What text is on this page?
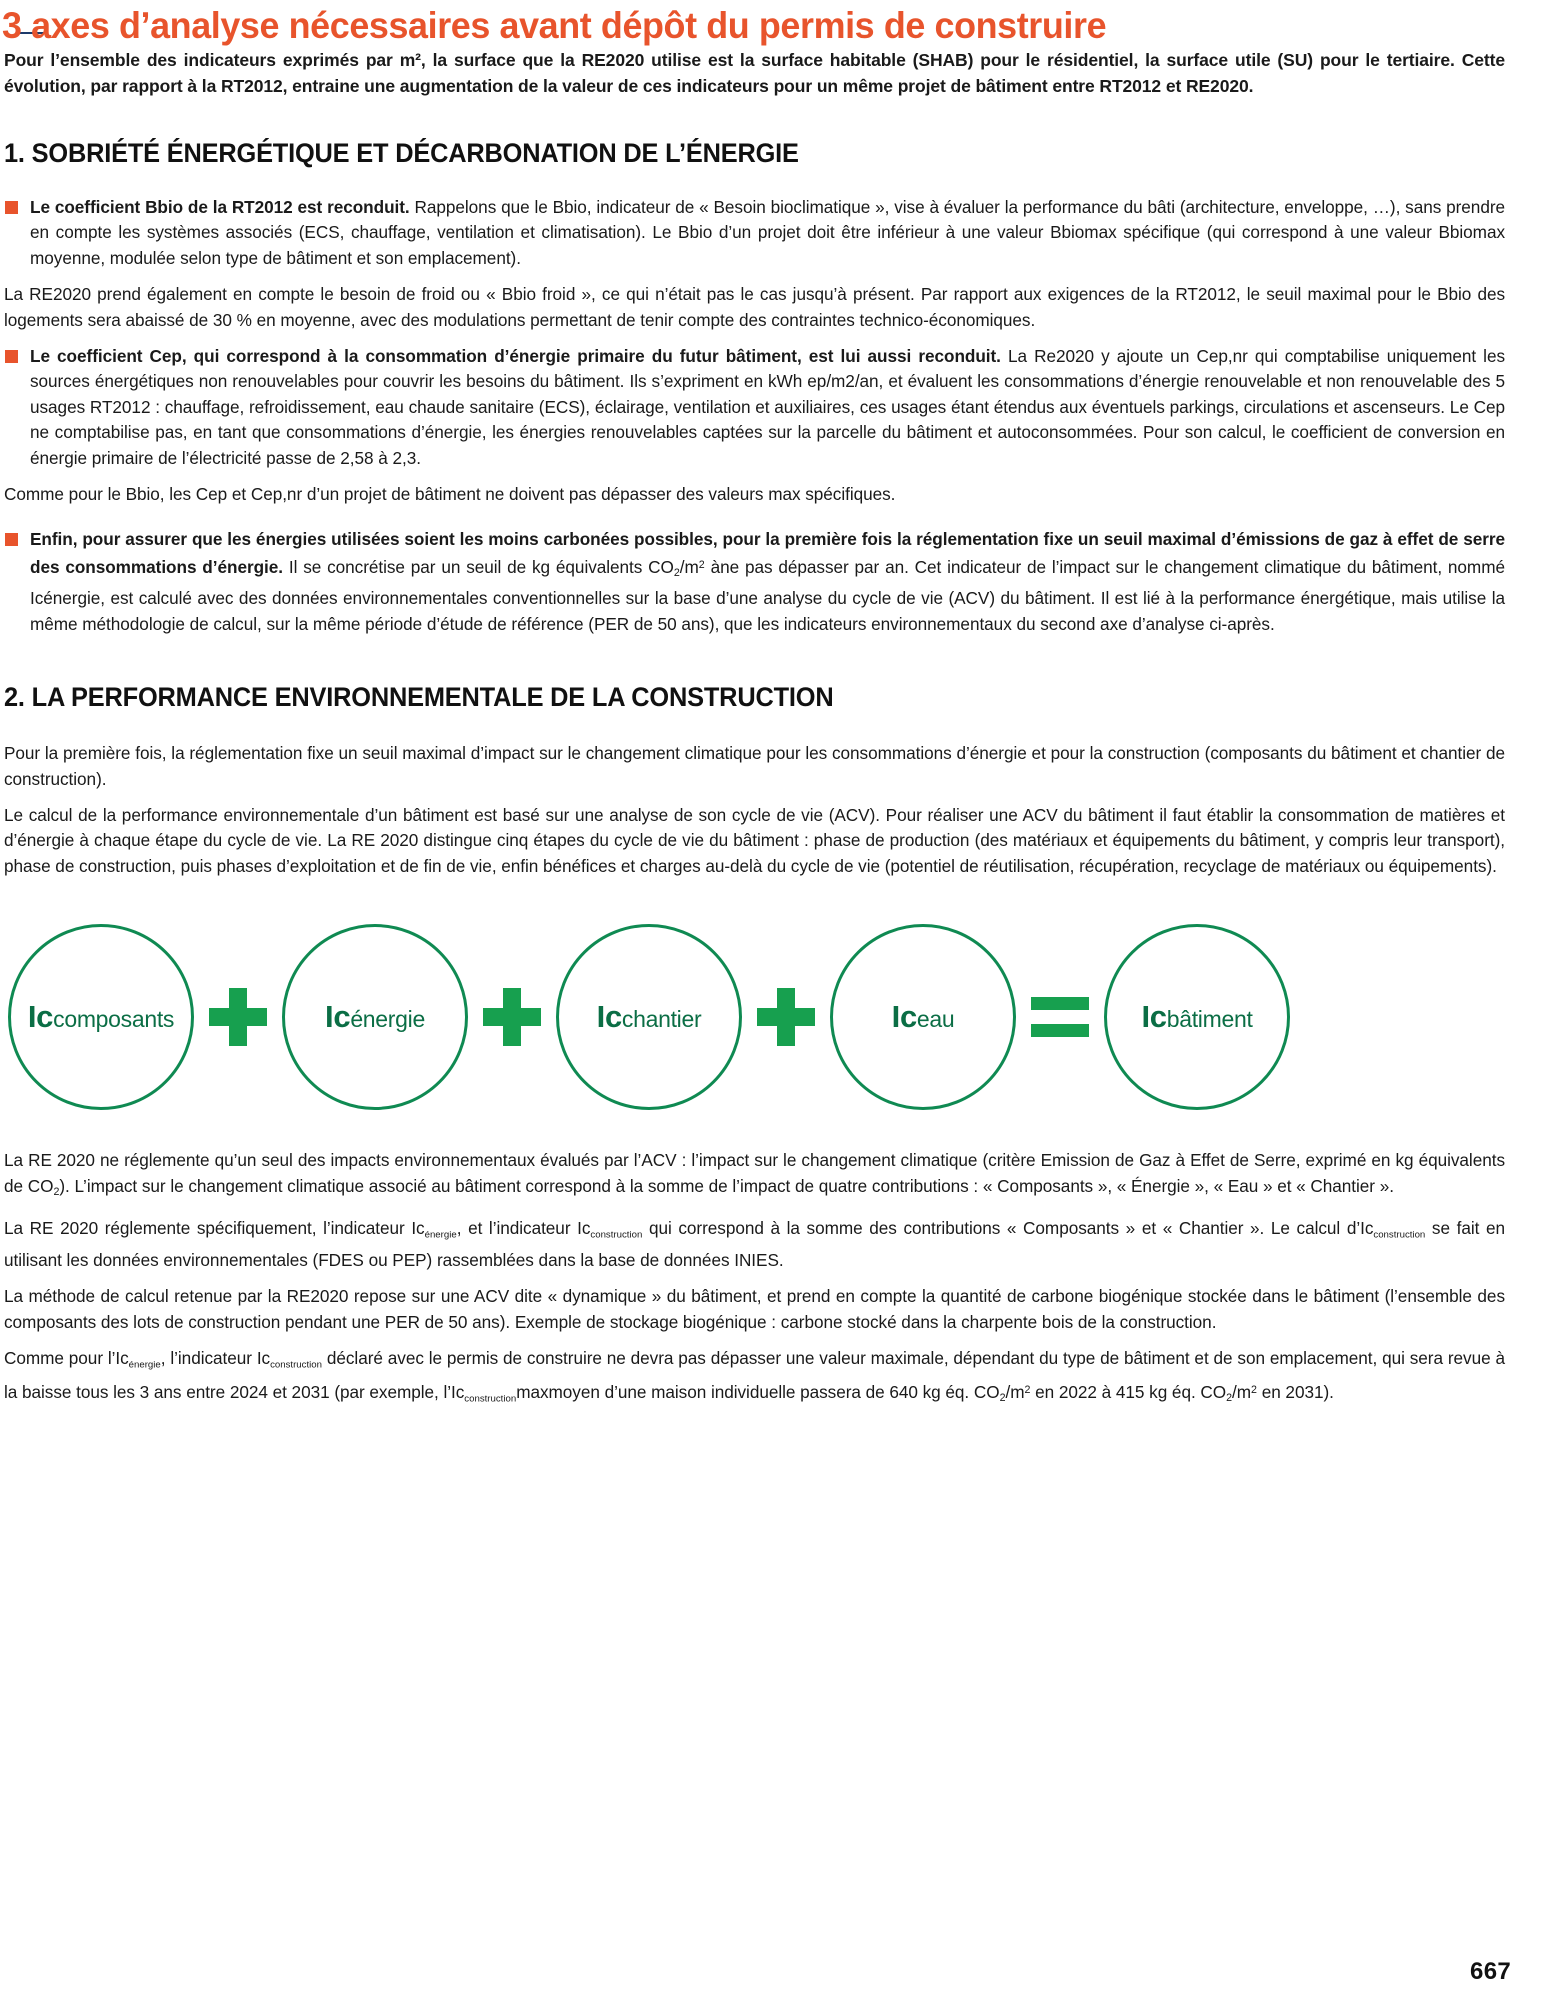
3 axes d’analyse nécessaires avant dépôt du permis de construire

Pour l’ensemble des indicateurs exprimés par m², la surface que la RE2020 utilise est la surface habitable (SHAB) pour le résidentiel, la surface utile (SU) pour le tertiaire. Cette évolution, par rapport à la RT2012, entraine une augmentation de la valeur de ces indicateurs pour un même projet de bâtiment entre RT2012 et RE2020.

1. SOBRIÉTÉ ÉNERGÉTIQUE ET DÉCARBONATION DE L’ÉNERGIE

Le coefficient Bbio de la RT2012 est reconduit. Rappelons que le Bbio, indicateur de « Besoin bioclimatique », vise à évaluer la performance du bâti (architecture, enveloppe, …), sans prendre en compte les systèmes associés (ECS, chauffage, ventilation et climatisation). Le Bbio d’un projet doit être inférieur à une valeur Bbiomax spécifique (qui correspond à une valeur Bbiomax moyenne, modulée selon type de bâtiment et son emplacement).

La RE2020 prend également en compte le besoin de froid ou « Bbio froid », ce qui n’était pas le cas jusqu’à présent. Par rapport aux exigences de la RT2012, le seuil maximal pour le Bbio des logements sera abaissé de 30 % en moyenne, avec des modulations permettant de tenir compte des contraintes technico-économiques.

Le coefficient Cep, qui correspond à la consommation d’énergie primaire du futur bâtiment, est lui aussi reconduit. La Re2020 y ajoute un Cep,nr qui comptabilise uniquement les sources énergétiques non renouvelables pour couvrir les besoins du bâtiment. Ils s’expriment en kWh ep/m2/an, et évaluent les consommations d’énergie renouvelable et non renouvelable des 5 usages RT2012 : chauffage, refroidissement, eau chaude sanitaire (ECS), éclairage, ventilation et auxiliaires, ces usages étant étendus aux éventuels parkings, circulations et ascenseurs. Le Cep ne comptabilise pas, en tant que consommations d’énergie, les énergies renouvelables captées sur la parcelle du bâtiment et autoconsommées. Pour son calcul, le coefficient de conversion en énergie primaire de l’électricité passe de 2,58 à 2,3.

Comme pour le Bbio, les Cep et Cep,nr d’un projet de bâtiment ne doivent pas dépasser des valeurs max spécifiques.

Enfin, pour assurer que les énergies utilisées soient les moins carbonées possibles, pour la première fois la réglementation fixe un seuil maximal d’émissions de gaz à effet de serre des consommations d’énergie. Il se concrétise par un seuil de kg équivalents $CO_2/m^2$ àne pas dépasser par an. Cet indicateur de l’impact sur le changement climatique du bâtiment, nommé Icénergie, est calculé avec des données environnementales conventionnelles sur la base d’une analyse du cycle de vie (ACV) du bâtiment. Il est lié à la performance énergétique, mais utilise la même méthodologie de calcul, sur la même période d’étude de référence (PER de 50 ans), que les indicateurs environnementaux du second axe d’analyse ci-après.

2. LA PERFORMANCE ENVIRONNEMENTALE DE LA CONSTRUCTION

Pour la première fois, la réglementation fixe un seuil maximal d’impact sur le changement climatique pour les consommations d’énergie et pour la construction (composants du bâtiment et chantier de construction).

Le calcul de la performance environnementale d’un bâtiment est basé sur une analyse de son cycle de vie (ACV). Pour réaliser une ACV du bâtiment il faut établir la consommation de matières et d’énergie à chaque étape du cycle de vie. La RE 2020 distingue cinq étapes du cycle de vie du bâtiment : phase de production (des matériaux et équipements du bâtiment, y compris leur transport), phase de construction, puis phases d’exploitation et de fin de vie, enfin bénéfices et charges au-delà du cycle de vie (potentiel de réutilisation, récupération, recyclage de matériaux ou équipements).

Iccomposants	Icénergie	Icchantier	Iceau	Icbâtiment

La RE 2020 ne réglemente qu’un seul des impacts environnementaux évalués par l’ACV : l’impact sur le changement climatique (critère Emission de Gaz à Effet de Serre, exprimé en kg équivalents de $CO_2$). L’impact sur le changement climatique associé au bâtiment correspond à la somme de l’impact de quatre contributions : « Composants », « Énergie », « Eau » et « Chantier ».

La RE 2020 réglemente spécifiquement, l’indicateur $Ic_{énergie}$, et l’indicateur $Ic_{construction}$ qui correspond à la somme des contributions « Composants » et « Chantier ». Le calcul $d’Ic_{construction}$ se fait en utilisant les données environnementales (FDES ou PEP) rassemblées dans la base de données INIES.

La méthode de calcul retenue par la RE2020 repose sur une ACV dite « dynamique » du bâtiment, et prend en compte la quantité de carbone biogénique stockée dans le bâtiment (l’ensemble des composants des lots de construction pendant une PER de 50 ans). Exemple de stockage biogénique : carbone stocké dans la charpente bois de la construction.

Comme pour $l’Ic_{énergie}$, l’indicateur $Ic_{construction}$ déclaré avec le permis de construire ne devra pas dépasser une valeur maximale, dépendant du type de bâtiment et de son emplacement, qui sera revue à la baisse tous les 3 ans entre 2024 et 2031 (par exemple, $l’Ic_{construction}maxmoyen$ d’une maison individuelle passera de 640 kg éq. $CO_2/m^2$ en 2022 à 415 kg éq. $CO_2/m^2$ en 2031).

667
